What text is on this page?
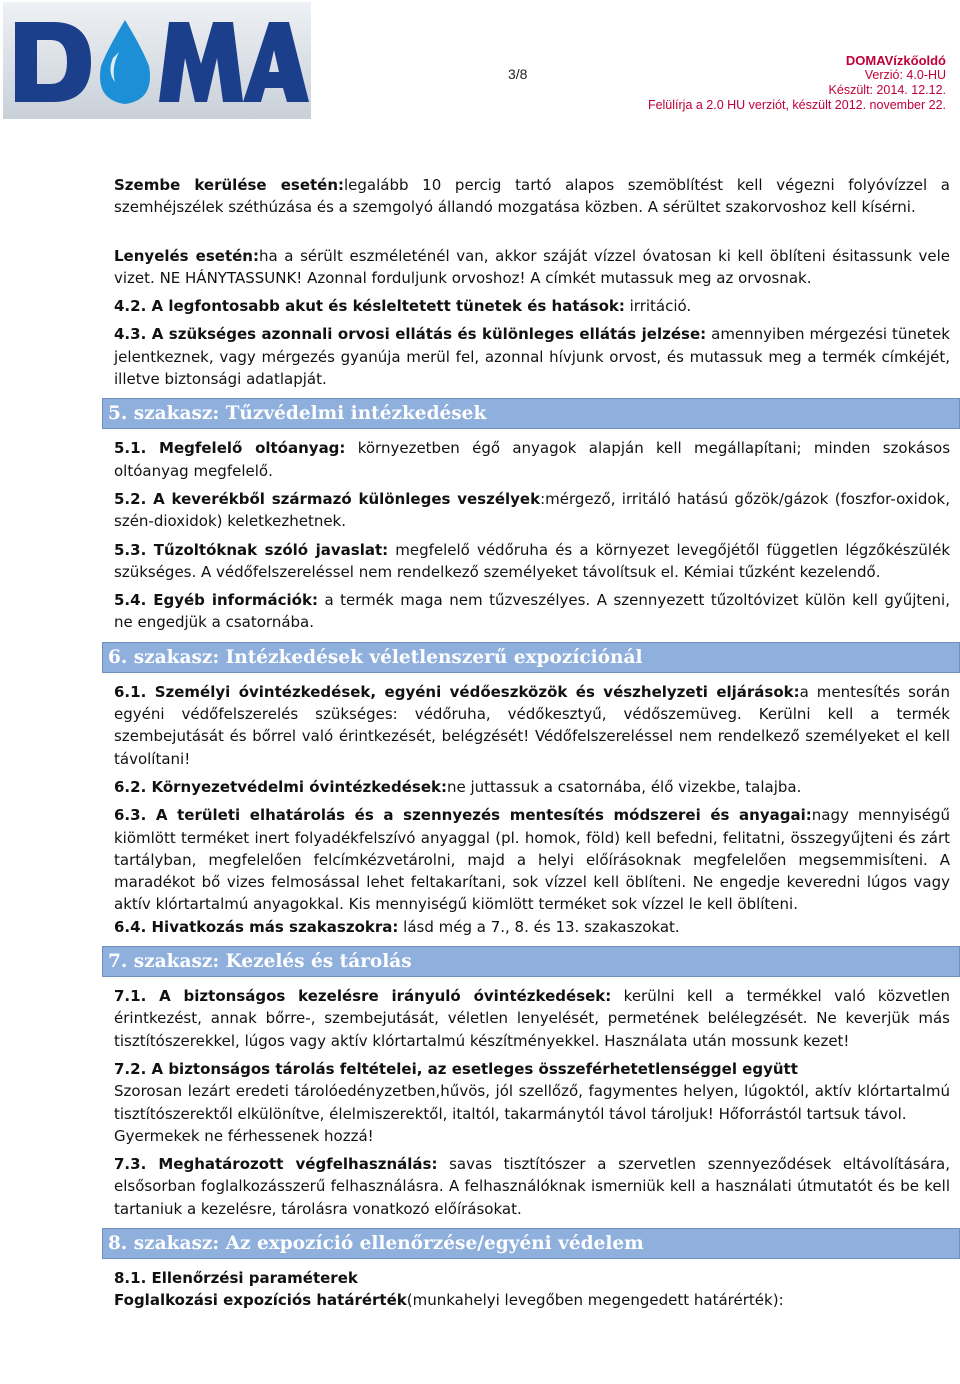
3/8
DOMAVízkőoldó
Verzió: 4.0-HU
Készült: 2014. 12.12.
Felülírja a 2.0 HU verziót, készült 2012. november 22.

Szembe kerülése esetén:legalább 10 percig tartó alapos szemöblítést kell végezni folyóvízzel a szemhéjszélek széthúzása és a szemgolyó állandó mozgatása közben. A sérültet szakorvoshoz kell kísérni.

Lenyelés esetén:ha a sérült eszméleténél van, akkor száját vízzel óvatosan ki kell öblíteni ésitassunk vele vizet. NE HÁNYTASSUNK! Azonnal forduljunk orvoshoz! A címkét mutassuk meg az orvosnak.

4.2. A legfontosabb akut és késleltetett tünetek és hatások: irritáció.

4.3. A szükséges azonnali orvosi ellátás és különleges ellátás jelzése: amennyiben mérgezési tünetek jelentkeznek, vagy mérgezés gyanúja merül fel, azonnal hívjunk orvost, és mutassuk meg a termék címkéjét, illetve biztonsági adatlapját.

5. szakasz: Tűzvédelmi intézkedések

5.1. Megfelelő oltóanyag: környezetben égő anyagok alapján kell megállapítani; minden szokásos oltóanyag megfelelő.

5.2. A keverékből származó különleges veszélyek:mérgező, irritáló hatású gőzök/gázok (foszfor-oxidok, szén-dioxidok) keletkezhetnek.

5.3. Tűzoltóknak szóló javaslat: megfelelő védőruha és a környezet levegőjétől független légzőkészülék szükséges. A védőfelszereléssel nem rendelkező személyeket távolítsuk el. Kémiai tűzként kezelendő.

5.4. Egyéb információk: a termék maga nem tűzveszélyes. A szennyezett tűzoltóvizet külön kell gyűjteni, ne engedjük a csatornába.

6. szakasz: Intézkedések véletlenszerű expozíciónál

6.1. Személyi óvintézkedések, egyéni védőeszközök és vészhelyzeti eljárások:a mentesítés során egyéni védőfelszerelés szükséges: védőruha, védőkesztyű, védőszemüveg. Kerülni kell a termék szembejutását és bőrrel való érintkezését, belégzését! Védőfelszereléssel nem rendelkező személyeket el kell távolítani!

6.2. Környezetvédelmi óvintézkedések:ne juttassuk a csatornába, élő vizekbe, talajba.

6.3. A területi elhatárolás és a szennyezés mentesítés módszerei és anyagai:nagy mennyiségű kiömlött terméket inert folyadékfelszívó anyaggal (pl. homok, föld) kell befedni, felitatni, összegyűjteni és zárt tartályban, megfelelően felcímkézvetárolni, majd a helyi előírásoknak megfelelően megsemmisíteni. A maradékot bő vizes felmosással lehet feltakarítani, sok vízzel kell öblíteni. Ne engedje keveredni lúgos vagy aktív klórtartalmú anyagokkal. Kis mennyiségű kiömlött terméket sok vízzel le kell öblíteni.

6.4. Hivatkozás más szakaszokra: lásd még a 7., 8. és 13. szakaszokat.

7. szakasz: Kezelés és tárolás

7.1. A biztonságos kezelésre irányuló óvintézkedések: kerülni kell a termékkel való közvetlen érintkezést, annak bőrre-, szembejutását, véletlen lenyelését, permetének belélegzését. Ne keverjük más tisztítószerekkel, lúgos vagy aktív klórtartalmú készítményekkel. Használata után mossunk kezet!

7.2. A biztonságos tárolás feltételei, az esetleges összeférhetetlenséggel együtt

Szorosan lezárt eredeti tárolóedényzetben,hűvös, jól szellőző, fagymentes helyen, lúgoktól, aktív klórtartalmú tisztítószerektől elkülönítve, élelmiszerektől, italtól, takarmánytól távol tároljuk! Hőforrástól tartsuk távol.

Gyermekek ne férhessenek hozzá!

7.3. Meghatározott végfelhasználás: savas tisztítószer a szervetlen szennyeződések eltávolítására, elsősorban foglalkozásszerű felhasználásra. A felhasználóknak ismerniük kell a használati útmutatót és be kell tartaniuk a kezelésre, tárolásra vonatkozó előírásokat.

8. szakasz: Az expozíció ellenőrzése/egyéni védelem

8.1. Ellenőrzési paraméterek

Foglalkozási expozíciós határérték(munkahelyi levegőben megengedett határérték):
